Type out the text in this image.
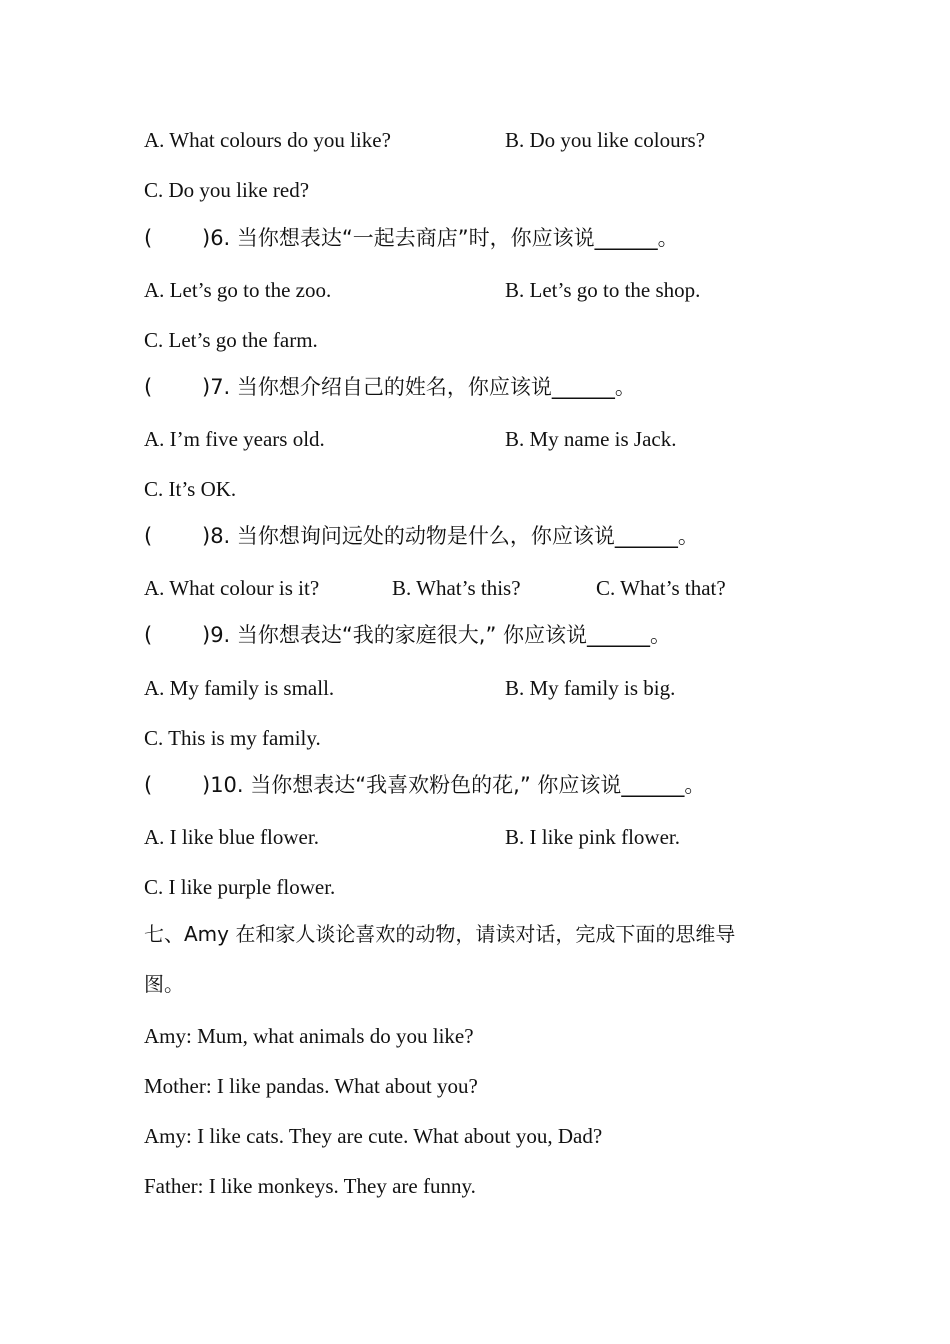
A. What colours do you like?	B. Do you like colours?
C. Do you like red?
( )6. 当你想表达“一起去商店”时，你应该说______。
A. Let’s go to the zoo.	B. Let’s go to the shop.
C. Let’s go the farm.
( )7. 当你想介绍自己的姓名，你应该说______。
A. I’m five years old.	B. My name is Jack.
C. It’s OK.
( )8. 当你想询问远处的动物是什么，你应该说______。
A. What colour is it?	B. What’s this?	C. What’s that?
( )9. 当你想表达“我的家庭很大,” 你应该说______。
A. My family is small.	B. My family is big.
C. This is my family.
( )10. 当你想表达“我喜欢粉色的花,” 你应该说______。
A. I like blue flower.	B. I like pink flower.
C. I like purple flower.
七、Amy 在和家人谈论喜欢的动物，请读对话，完成下面的思维导
图。
Amy: Mum, what animals do you like?
Mother: I like pandas. What about you?
Amy: I like cats. They are cute. What about you, Dad?
Father: I like monkeys. They are funny.
